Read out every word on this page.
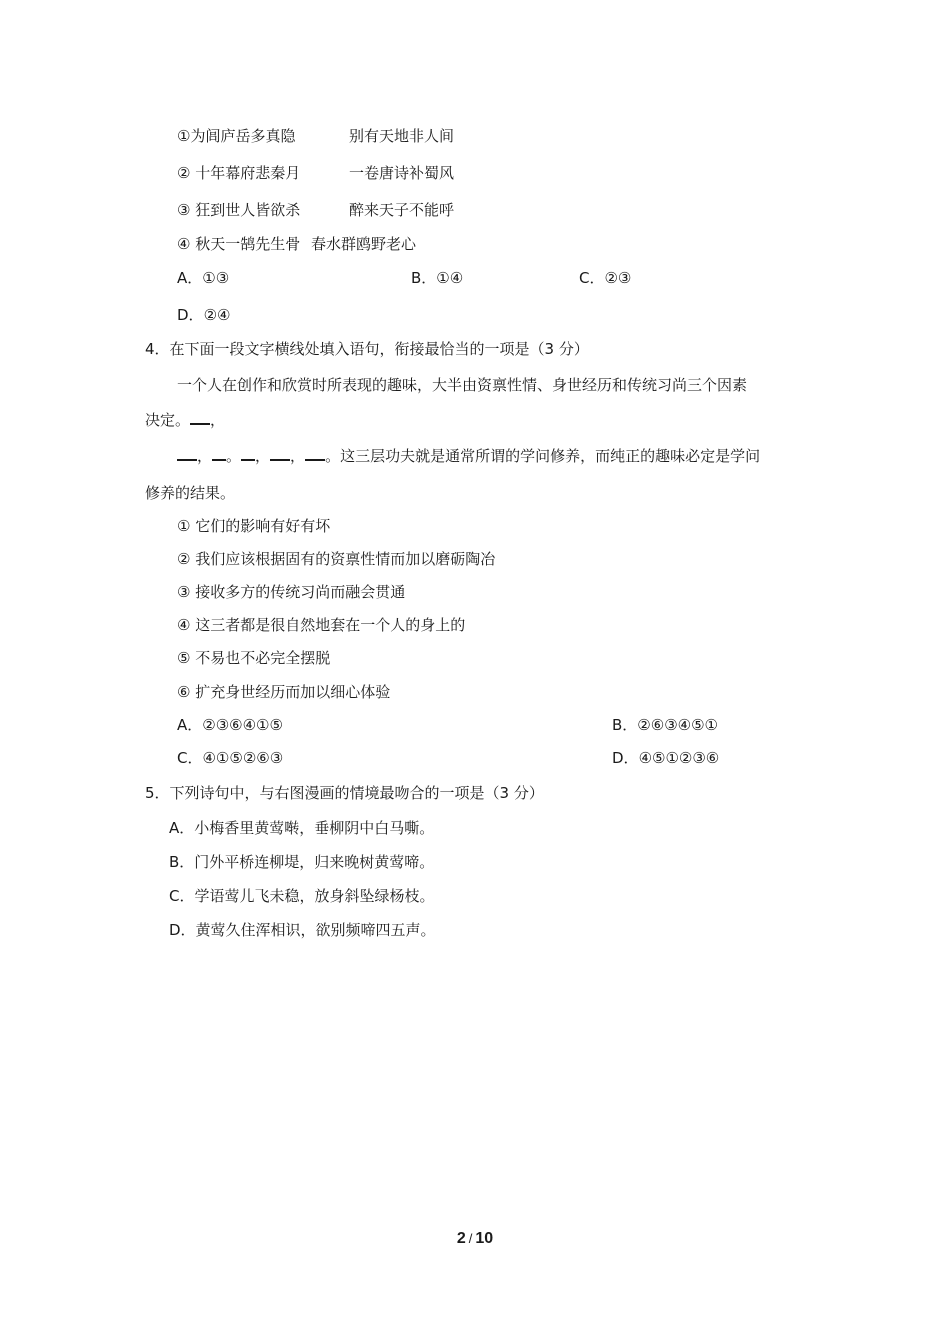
①为闾庐岳多真隐	别有天地非人间
② 十年幕府悲秦月	一卷唐诗补蜀风
③ 狂到世人皆欲杀	醉来天子不能呼
④ 秋天一鹄先生骨 春水群鸥野老心
A．①③	B．①④	C．②③
D．②④
4．在下面一段文字横线处填入语句，衔接最恰当的一项是（3 分）
一个人在创作和欣赏时所表现的趣味，大半由资禀性情、身世经历和传统习尚三个因素
决定。 ，
， 。 ， ， 。这三层功夫就是通常所谓的学问修养，而纯正的趣味必定是学问
修养的结果。
① 它们的影响有好有坏
② 我们应该根据固有的资禀性情而加以磨砺陶冶
③ 接收多方的传统习尚而融会贯通
④ 这三者都是很自然地套在一个人的身上的
⑤ 不易也不必完全摆脱
⑥ 扩充身世经历而加以细心体验
A．②③⑥④①⑤	B．②⑥③④⑤①
C．④①⑤②⑥③	D．④⑤①②③⑥
5．下列诗句中，与右图漫画的情境最吻合的一项是（3 分）
A．小梅香里黄莺啭，垂柳阴中白马嘶。
B．门外平桥连柳堤，归来晚树黄莺啼。
C．学语莺儿飞未稳，放身斜坠绿杨枝。
D．黄莺久住浑相识，欲别频啼四五声。
2 / 10
